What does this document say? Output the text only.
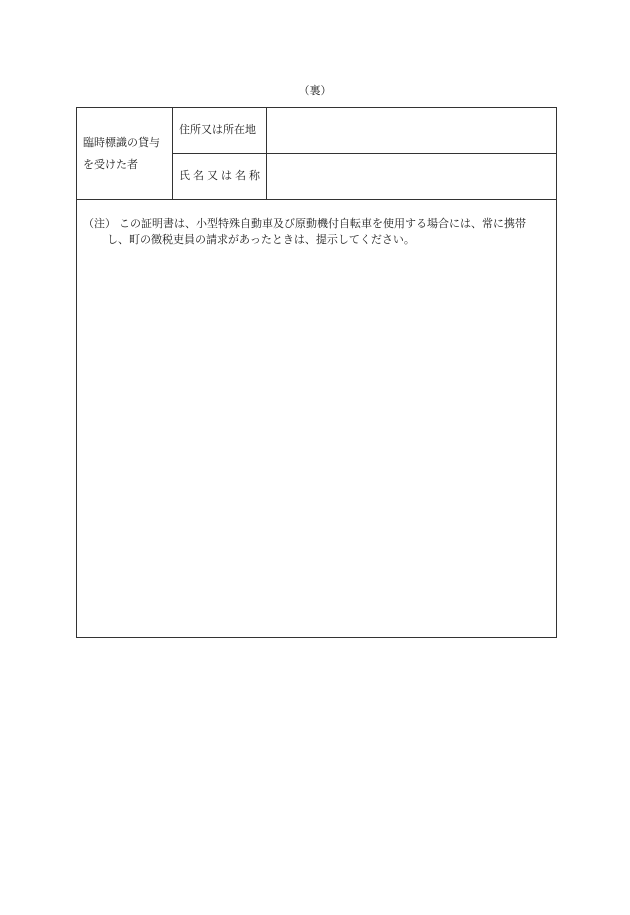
（裏）
臨時標識の貸与
を受けた者
住所又は所在地
氏名又は名称
（注） この証明書は、小型特殊自動車及び原動機付自転車を使用する場合には、常に携帯
し、町の徴税吏員の請求があったときは、提示してください。
